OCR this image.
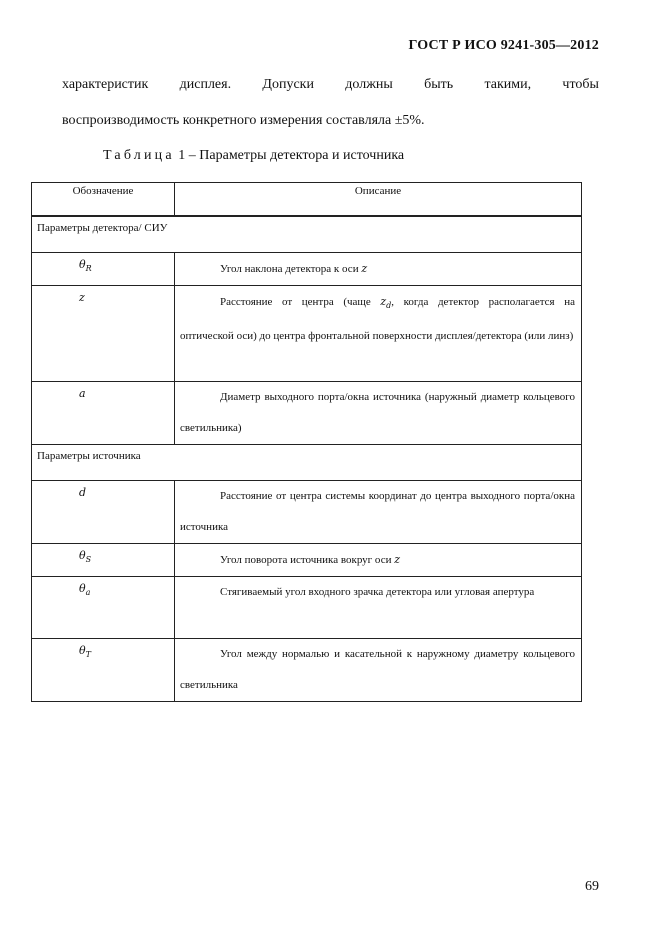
ГОСТ Р ИСО 9241-305—2012
характеристик дисплея. Допуски должны быть такими, чтобы
воспроизводимость конкретного измерения составляла ±5%.
Таблица 1 – Параметры детектора и источника
Обозначение	Описание
Параметры детектора/ СИУ	
$\theta_R$	Угол наклона детектора к оси z

z	Расстояние от центра (чаще $z_d$, когда детектор располагается на оптической оси) до центра фронтальной поверхности дисплея/детектора (или линз)

a	Диаметр выходного порта/окна источника (наружный диаметр кольцевого светильника)

Параметры источника	
d	Расстояние от центра системы координат до центра выходного порта/окна источника

$\theta_S$	Угол поворота источника вокруг оси z

$\theta_a$	Стягиваемый угол входного зрачка детектора или угловая апертура

$\theta_T$	Угол между нормалью и касательной к наружному диаметру кольцевого светильника
69
